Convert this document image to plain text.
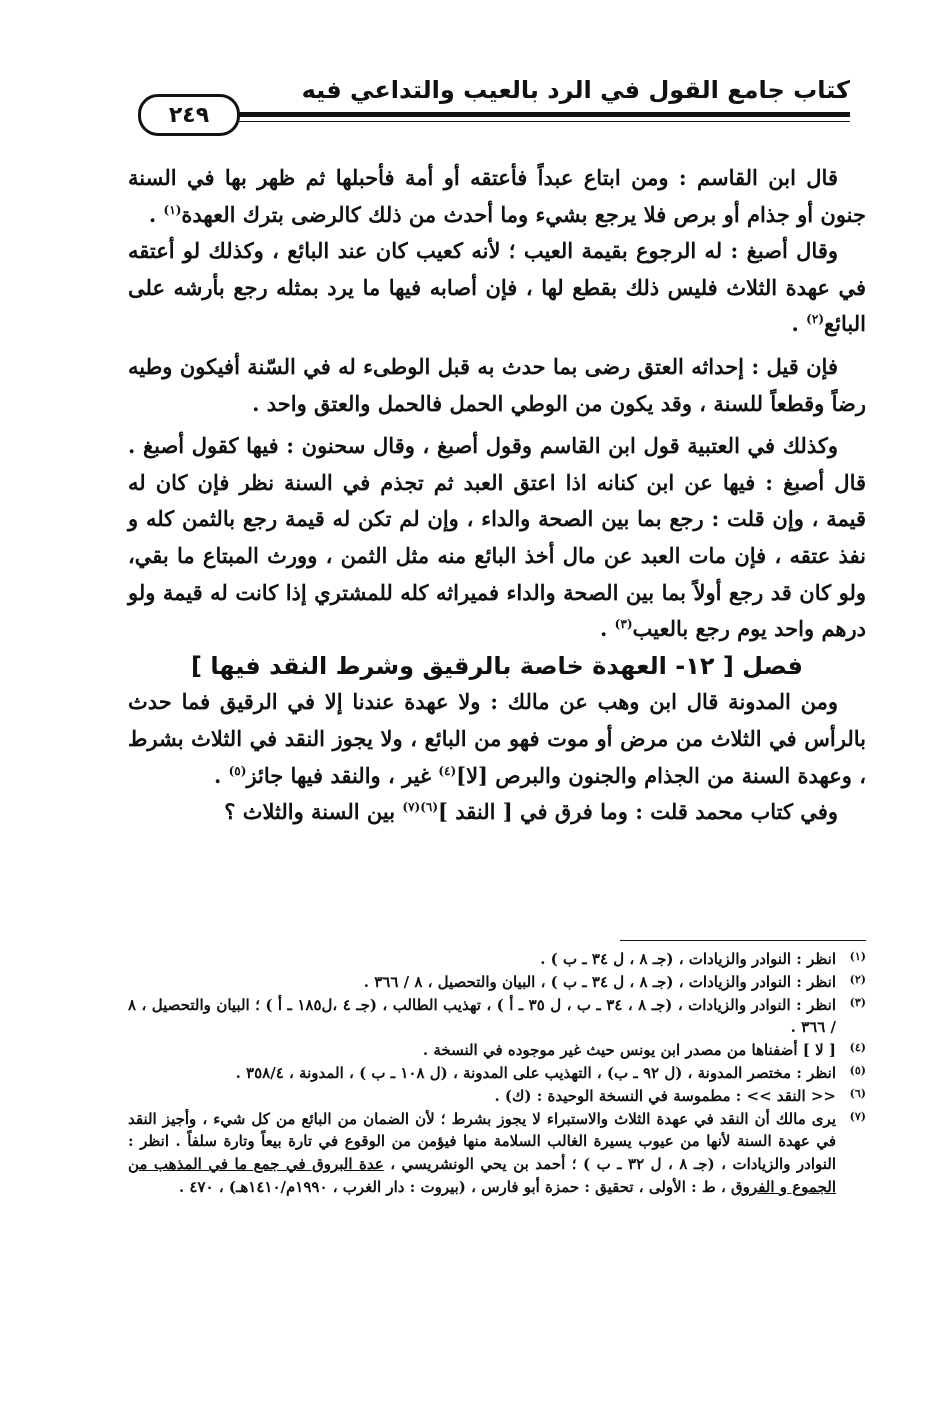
كتاب جامع القول في الرد بالعيب والتداعي فيه
٢٤٩

قال ابن القاسم : ومن ابتاع عبداً فأعتقه أو أمة فأحبلها ثم ظهر بها في السنة جنون أو جذام أو برص فلا يرجع بشيء وما أحدث من ذلك كالرضى بترك العهدة$^{(١)}$ .

وقال أصبغ : له الرجوع بقيمة العيب ؛ لأنه كعيب كان عند البائع ، وكذلك لو أعتقه في عهدة الثلاث فليس ذلك بقطع لها ، فإن أصابه فيها ما يرد بمثله رجع بأرشه على البائع$^{(٢)}$ .

فإن قيل : إحداثه العتق رضى بما حدث به قبل الوطىء له في السّنة أفيكون وطيه رضاً وقطعاً للسنة ، وقد يكون من الوطي الحمل فالحمل والعتق واحد .

وكذلك في العتبية قول ابن القاسم وقول أصبغ ، وقال سحنون : فيها كقول أصبغ . قال أصبغ : فيها عن ابن كنانه اذا اعتق العبد ثم تجذم في السنة نظر فإن كان له قيمة ، وإن قلت : رجع بما بين الصحة والداء ، وإن لم تكن له قيمة رجع بالثمن كله و نفذ عتقه ، فإن مات العبد عن مال أخذ البائع منه مثل الثمن ، وورث المبتاع ما بقي، ولو كان قد رجع أولاً بما بين الصحة والداء فميراثه كله للمشتري إذا كانت له قيمة ولو درهم واحد يوم رجع بالعيب$^{(٣)}$ .

فصل [ ١٢- العهدة خاصة بالرقيق وشرط النقد فيها ]

ومن المدونة قال ابن وهب عن مالك : ولا عهدة عندنا إلا في الرقيق فما حدث بالرأس في الثلاث من مرض أو موت فهو من البائع ، ولا يجوز النقد في الثلاث بشرط ، وعهدة السنة من الجذام والجنون والبرص [لا]$^{(٤)}$ غير ، والنقد فيها جائز$^{(٥)}$ .

وفي كتاب محمد قلت : وما فرق في [ النقد ]$^{(٦)(٧)}$ بين السنة والثلاث ؟

(١)
انظر : النوادر والزيادات ، (جـ ٨ ، ل ٣٤ ـ ب ) .
(٢)
انظر : النوادر والزيادات ، (جـ ٨ ، ل ٣٤ ـ ب ) ، البيان والتحصيل ، ٨ / ٣٦٦ .
(٣)
انظر : النوادر والزيادات ، (جـ ٨ ، ٣٤ ـ ب ، ل ٣٥ ـ أ ) ، تهذيب الطالب ، (جـ ٤ ،ل١٨٥ ـ أ ) ؛ البيان والتحصيل ، ٨ / ٣٦٦ .
(٤)
[ لا ] أضفناها من مصدر ابن يونس حيث غير موجوده في النسخة .
(٥)
انظر : مختصر المدونة ، (ل ٩٢ ـ ب) ، التهذيب على المدونة ، (ل ١٠٨ ـ ب ) ، المدونة ، ٣٥٨/٤ .
(٦)
<< النقد >> : مطموسة في النسخة الوحيدة : (ك) .
(٧)
يرى مالك أن النقد في عهدة الثلاث والاستبراء لا يجوز بشرط ؛ لأن الضمان من البائع من كل شيء ، وأجيز النقد في عهدة السنة لأنها من عيوب يسيرة الغالب السلامة منها فيؤمن من الوقوع في تارة بيعاً وتارة سلفاً . انظر : النوادر والزيادات ، (جـ ٨ ، ل ٣٢ ـ ب ) ؛ أحمد بن يحي الونشريسي ، عدة البروق في جمع ما في المذهب من الجموع و الفروق ، ط : الأولى ، تحقيق : حمزة أبو فارس ، (بيروت : دار الغرب ، ١٩٩٠م/١٤١٠هـ) ، ٤٧٠ .
